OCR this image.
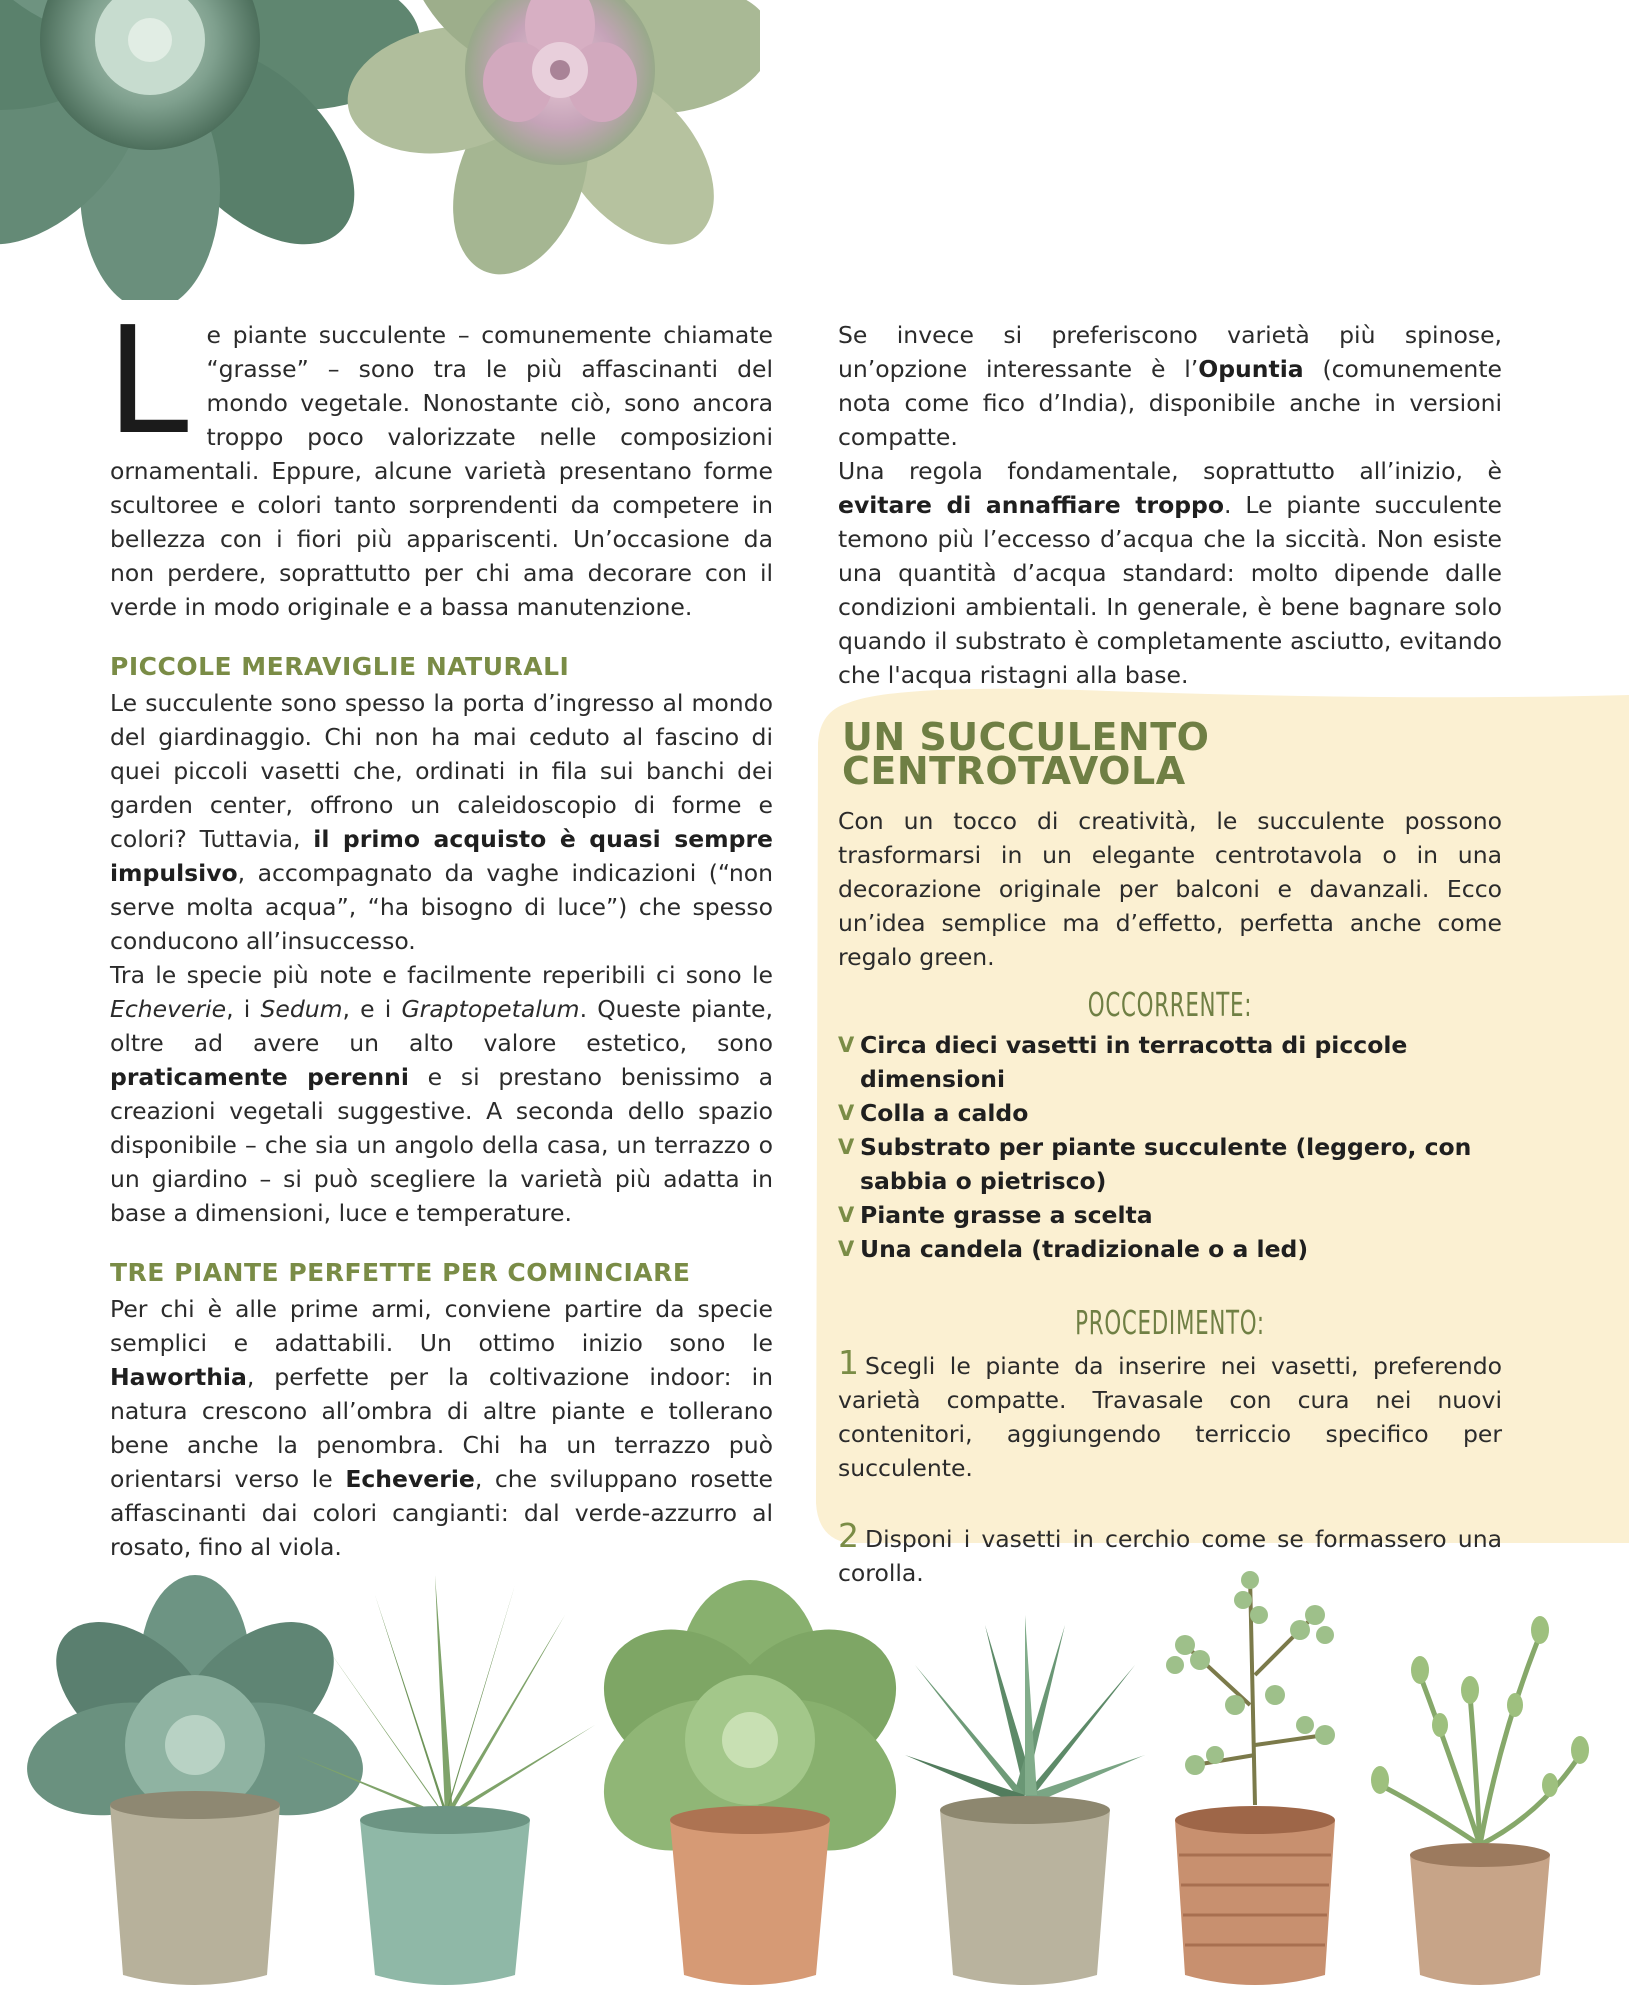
Le piante succulente – comunemente chiamate “grasse” – sono tra le più affascinanti del mondo vegetale. Nonostante ciò, sono ancora troppo poco valorizzate nelle composizioni ornamentali. Eppure, alcune varietà presentano forme scultoree e colori tanto sorprendenti da competere in bellezza con i fiori più appariscenti. Un’occasione da non perdere, soprattutto per chi ama decorare con il verde in modo originale e a bassa manutenzione.

PICCOLE MERAVIGLIE NATURALI

Le succulente sono spesso la porta d’ingresso al mondo del giardinaggio. Chi non ha mai ceduto al fascino di quei piccoli vasetti che, ordinati in fila sui banchi dei garden center, offrono un caleidoscopio di forme e colori? Tuttavia, il primo acquisto è quasi sempre impulsivo, accompagnato da vaghe indicazioni (“non serve molta acqua”, “ha bisogno di luce”) che spesso conducono all’insuccesso.

Tra le specie più note e facilmente reperibili ci sono le Echeverie, i Sedum, e i Graptopetalum. Queste piante, oltre ad avere un alto valore estetico, sono praticamente perenni e si prestano benissimo a creazioni vegetali suggestive. A seconda dello spazio disponibile – che sia un angolo della casa, un terrazzo o un giardino – si può scegliere la varietà più adatta in base a dimensioni, luce e temperature.

TRE PIANTE PERFETTE PER COMINCIARE

Per chi è alle prime armi, conviene partire da specie semplici e adattabili. Un ottimo inizio sono le Haworthia, perfette per la coltivazione indoor: in natura crescono all’ombra di altre piante e tollerano bene anche la penombra. Chi ha un terrazzo può orientarsi verso le Echeverie, che sviluppano rosette affascinanti dai colori cangianti: dal verde-azzurro al rosato, fino al viola.

Se invece si preferiscono varietà più spinose, un’opzione interessante è l’Opuntia (comunemente nota come fico d’India), disponibile anche in versioni compatte.

Una regola fondamentale, soprattutto all’inizio, è evitare di annaffiare troppo. Le piante succulente temono più l’eccesso d’acqua che la siccità. Non esiste una quantità d’acqua standard: molto dipende dalle condizioni ambientali. In generale, è bene bagnare solo quando il substrato è completamente asciutto, evitando che l'acqua ristagni alla base.

UN SUCCULENTO CENTROTAVOLA

Con un tocco di creatività, le succulente possono trasformarsi in un elegante centrotavola o in una decorazione originale per balconi e davanzali. Ecco un’idea semplice ma d’effetto, perfetta anche come regalo green.

OCCORRENTE:
V Circa dieci vasetti in terracotta di piccole dimensioni
V Colla a caldo
V Substrato per piante succulente (leggero, con sabbia o pietrisco)
V Piante grasse a scelta
V Una candela (tradizionale o a led)
PROCEDIMENTO:

1 Scegli le piante da inserire nei vasetti, preferendo varietà compatte. Travasale con cura nei nuovi contenitori, aggiungendo terriccio specifico per succulente.

2 Disponi i vasetti in cerchio come se formassero una corolla.
